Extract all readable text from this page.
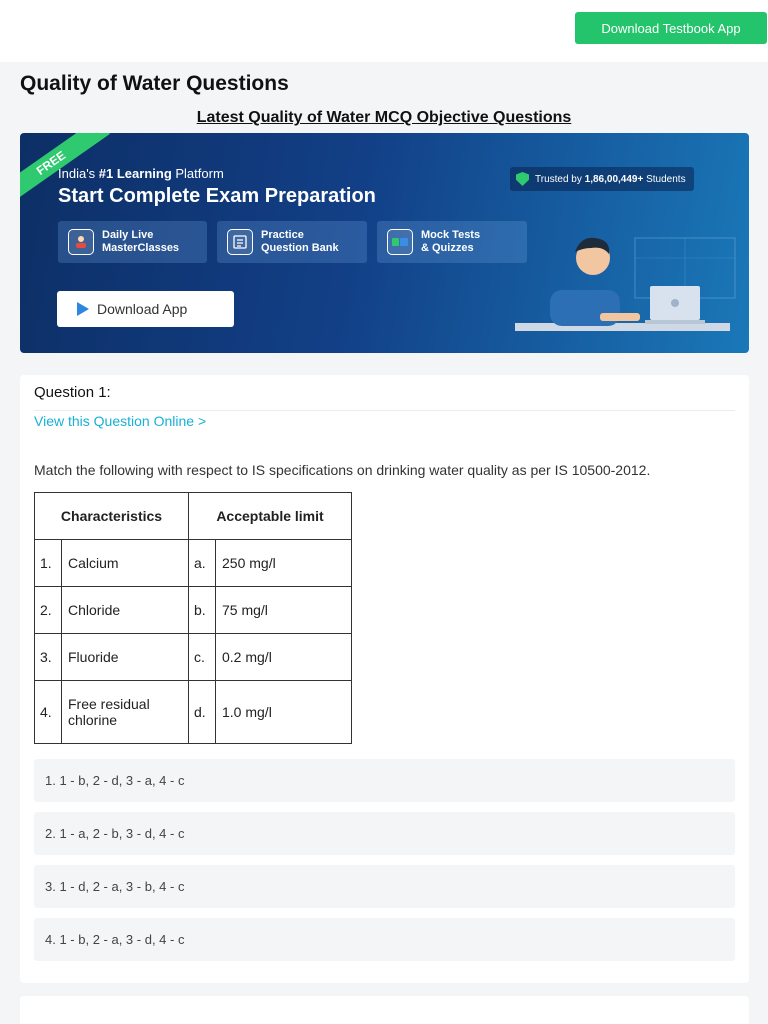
Download Testbook App
Quality of Water Questions
Latest Quality of Water MCQ Objective Questions
FREE
India's #1 Learning Platform
Start Complete Exam Preparation
Trusted by 1,86,00,449+ Students
Daily Live
MasterClasses
Practice
Question Bank
Mock Tests
& Quizzes
Download App
Question 1:
View this Question Online >
Match the following with respect to IS specifications on drinking water quality as per IS 10500-2012.
Characteristics		Acceptable limit	
1.	Calcium	a.	250 mg/l
2.	Chloride	b.	75 mg/l
3.	Fluoride	c.	0.2 mg/l
4.	Free residual chlorine	d.	1.0 mg/l
1. 1 - b, 2 - d, 3 - a, 4 - c
2. 1 - a, 2 - b, 3 - d, 4 - c
3. 1 - d, 2 - a, 3 - b, 4 - c
4. 1 - b, 2 - a, 3 - d, 4 - c
